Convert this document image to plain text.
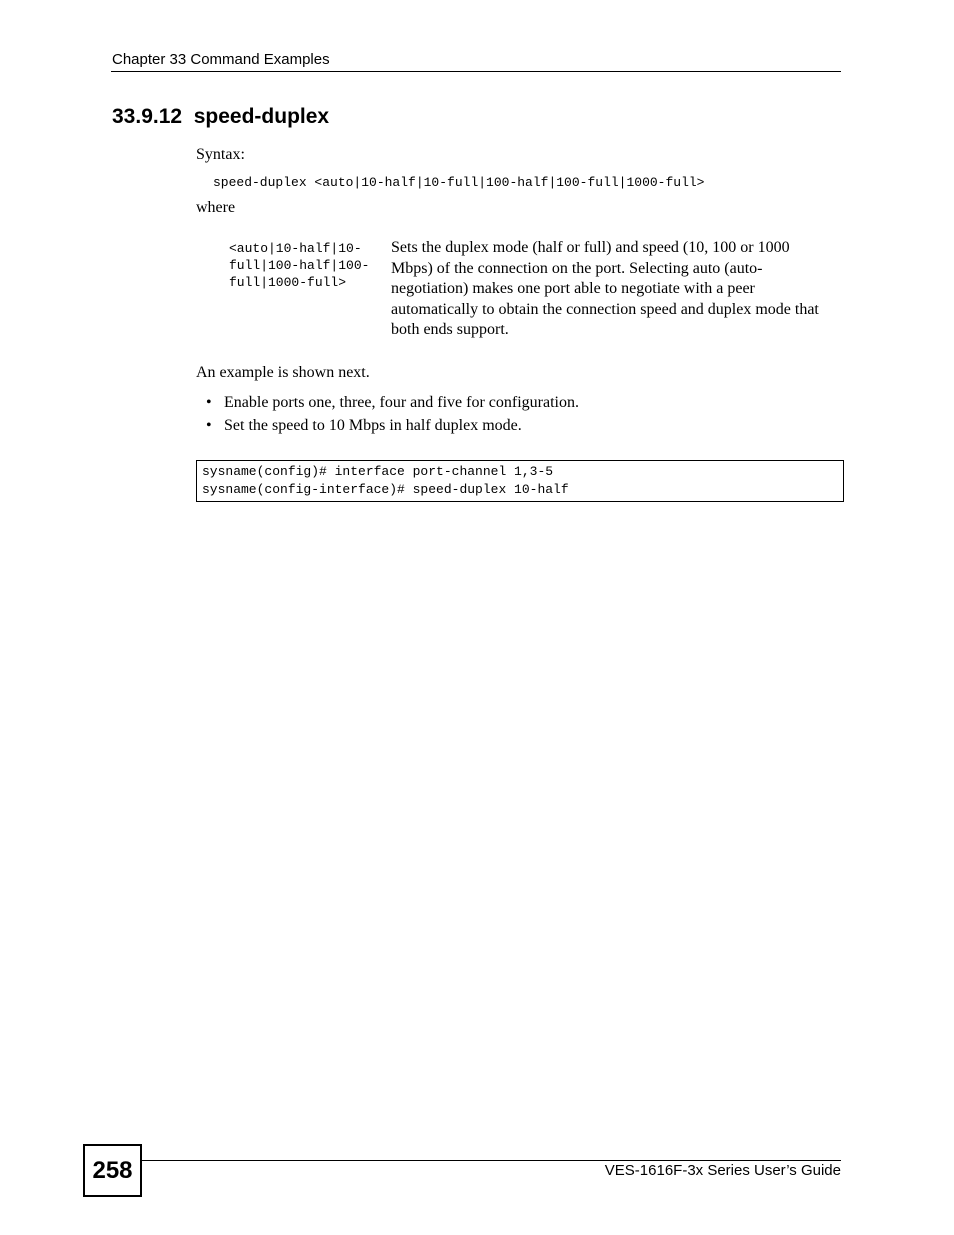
Chapter 33 Command Examples
33.9.12  speed-duplex

Syntax:

speed-duplex <auto|10-half|10-full|100-half|100-full|1000-full>

where

<auto|10-half|10-
full|100-half|100-
full|1000-full>

Sets the duplex mode (half or full) and speed (10, 100 or 1000 Mbps) of the connection on the port. Selecting auto (auto-negotiation) makes one port able to negotiate with a peer automatically to obtain the connection speed and duplex mode that both ends support.

An example is shown next.

• Enable ports one, three, four and five for configuration.
• Set the speed to 10 Mbps in half duplex mode.

sysname(config)# interface port-channel 1,3-5

sysname(config-interface)# speed-duplex 10-half

258	VES-1616F-3x Series User’s Guide
